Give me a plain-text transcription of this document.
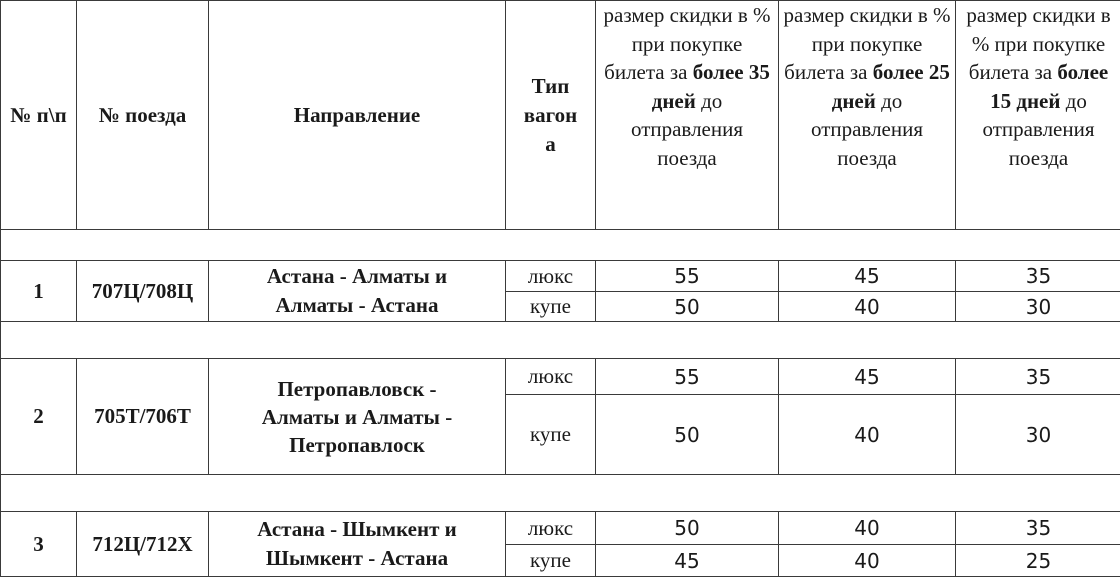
№ п\п	№ поезда	Направление	Тип вагон а	размер скидки в % при покупке билета за более 35 дней до отправления поезда	размер скидки в % при покупке билета за более 25 дней до отправления поезда	размер скидки в % при покупке билета за более 15 дней до отправления поезда

1	707Ц/708Ц	Астана - Алматы и Алматы - Астана	люкс	55	45	35
			купе	50	40	30

2	705Т/706Т	Петропавловск - Алматы и Алматы - Петропавлоск	люкс	55	45	35
			купе	50	40	30

3	712Ц/712Х	Астана - Шымкент и Шымкент - Астана	люкс	50	40	35
			купе	45	40	25
